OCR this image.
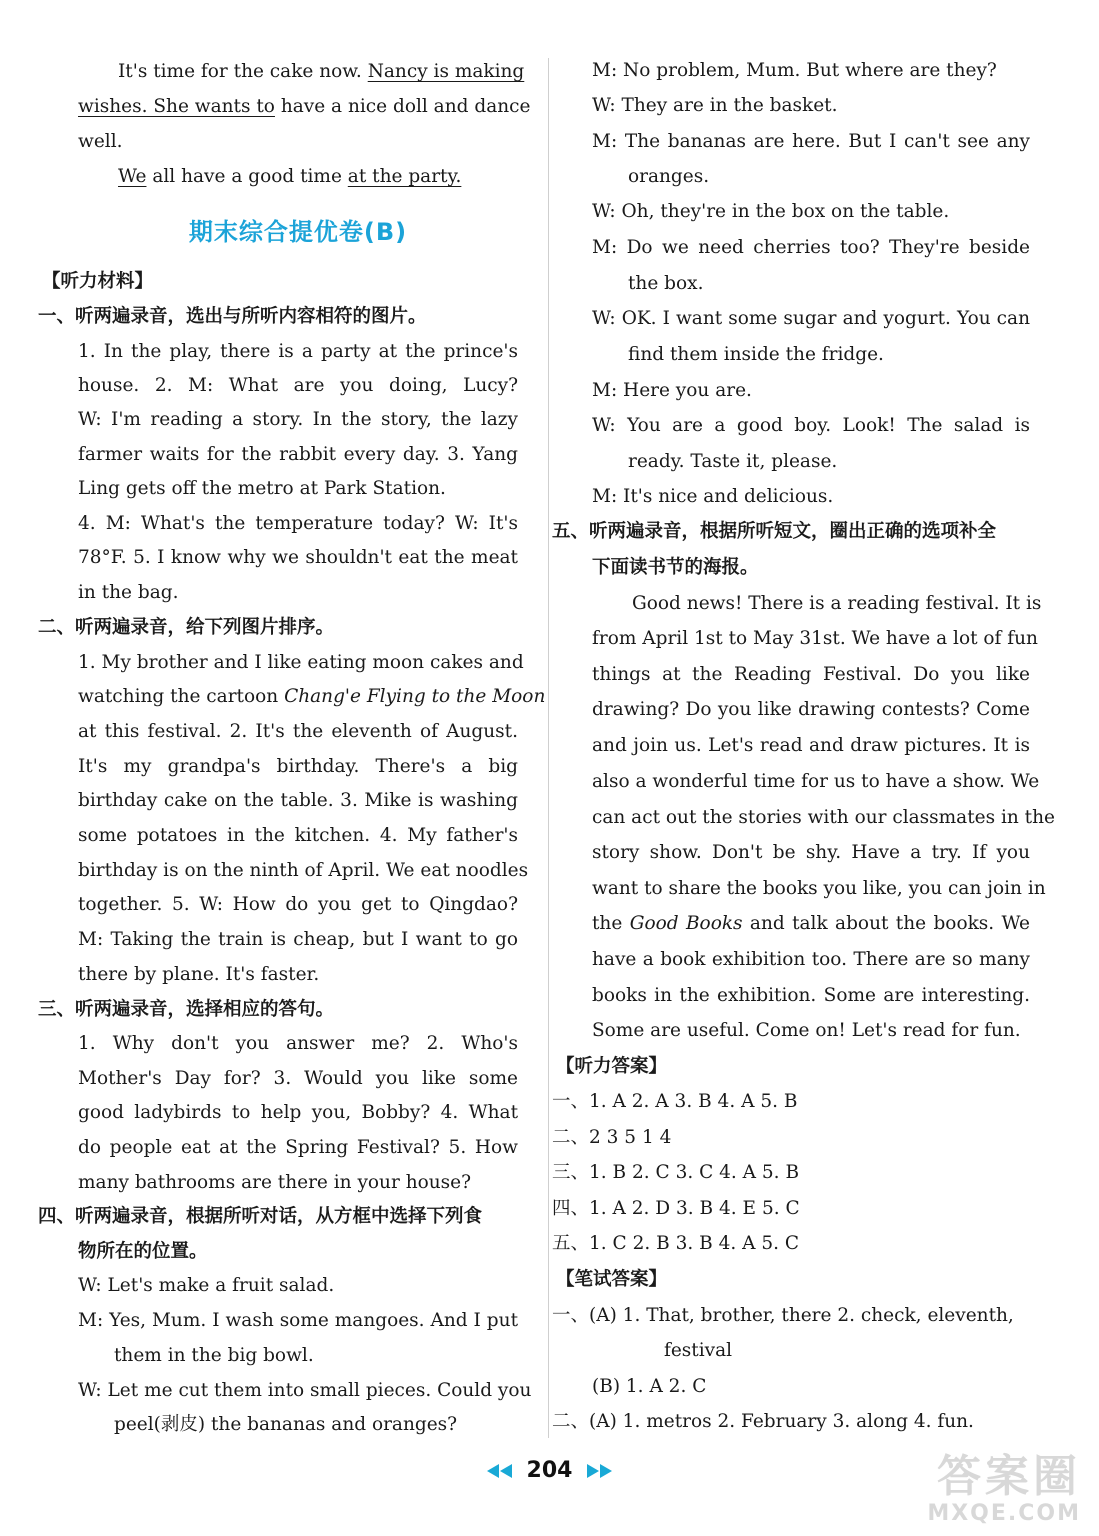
It's time for the cake now. Nancy is making
wishes. She wants to have a nice doll and dance
well.
We all have a good time at the party.
期末综合提优卷(B)
【听力材料】
一、听两遍录音，选出与所听内容相符的图片。
1. In the play, there is a party at the prince's
house. 2. M: What are you doing, Lucy?
W: I'm reading a story. In the story, the lazy
farmer waits for the rabbit every day. 3. Yang
Ling gets off the metro at Park Station.
4. M: What's the temperature today? W: It's
78°F. 5. I know why we shouldn't eat the meat
in the bag.
二、听两遍录音，给下列图片排序。
1. My brother and I like eating moon cakes and
watching the cartoon Chang'e Flying to the Moon
at this festival. 2. It's the eleventh of August.
It's my grandpa's birthday. There's a big
birthday cake on the table. 3. Mike is washing
some potatoes in the kitchen. 4. My father's
birthday is on the ninth of April. We eat noodles
together. 5. W: How do you get to Qingdao?
M: Taking the train is cheap, but I want to go
there by plane. It's faster.
三、听两遍录音，选择相应的答句。
1. Why don't you answer me? 2. Who's
Mother's Day for? 3. Would you like some
good ladybirds to help you, Bobby? 4. What
do people eat at the Spring Festival? 5. How
many bathrooms are there in your house?
四、听两遍录音，根据所听对话，从方框中选择下列食
物所在的位置。
W: Let's make a fruit salad.
M: Yes, Mum. I wash some mangoes. And I put
them in the big bowl.
W: Let me cut them into small pieces. Could you
peel(剥皮) the bananas and oranges?
M: No problem, Mum. But where are they?
W: They are in the basket.
M: The bananas are here. But I can't see any
oranges.
W: Oh, they're in the box on the table.
M: Do we need cherries too? They're beside
the box.
W: OK. I want some sugar and yogurt. You can
find them inside the fridge.
M: Here you are.
W: You are a good boy. Look! The salad is
ready. Taste it, please.
M: It's nice and delicious.
五、听两遍录音，根据所听短文，圈出正确的选项补全
下面读书节的海报。
Good news! There is a reading festival. It is
from April 1st to May 31st. We have a lot of fun
things at the Reading Festival. Do you like
drawing? Do you like drawing contests? Come
and join us. Let's read and draw pictures. It is
also a wonderful time for us to have a show. We
can act out the stories with our classmates in the
story show. Don't be shy. Have a try. If you
want to share the books you like, you can join in
the Good Books and talk about the books. We
have a book exhibition too. There are so many
books in the exhibition. Some are interesting.
Some are useful. Come on! Let's read for fun.
【听力答案】
一、1. A 2. A 3. B 4. A 5. B
二、2 3 5 1 4
三、1. B 2. C 3. C 4. A 5. B
四、1. A 2. D 3. B 4. E 5. C
五、1. C 2. B 3. B 4. A 5. C
【笔试答案】
一、(A) 1. That, brother, there 2. check, eleventh,
festival
(B) 1. A 2. C
二、(A) 1. metros 2. February 3. along 4. fun.
204	答案圈
MXQE.COM
